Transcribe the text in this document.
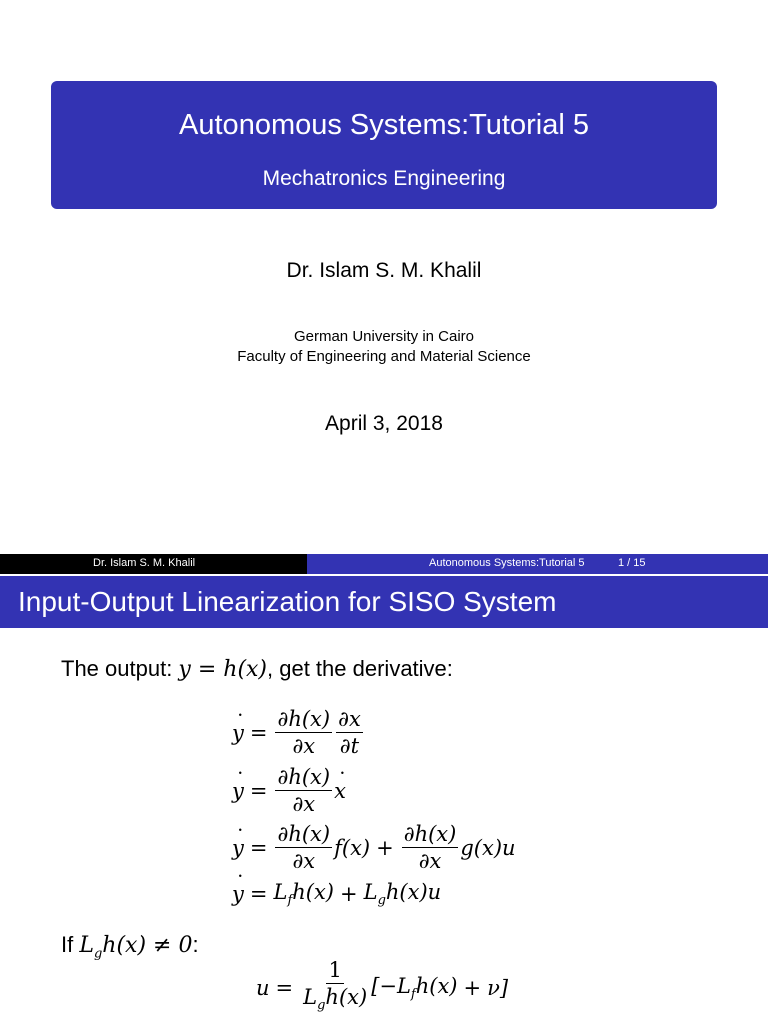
Autonomous Systems:Tutorial 5
Mechatronics Engineering
Dr. Islam S. M. Khalil
German University in Cairo
Faculty of Engineering and Material Science
April 3, 2018
Dr. Islam S. M. Khalil	Autonomous Systems:Tutorial 5	1 / 15
Input-Output Linearization for SISO System
The output: y = h(x), get the derivative:
˙ $y = \frac{\partial h(x)}{\partial x} \frac{\partial x}{\partial t}$
˙ $y = \frac{\partial h(x)}{\partial x}$
˙ x
˙ $y = \frac{\partial h(x)}{\partial x} f(x) + \frac{\partial h(x)}{\partial x} g(x)u$
˙ $y = L_fh(x) + L_gh(x)u$
If $L_gh(x) \ne 0$:
$u = \frac{1}{L_gh(x)} [-L_fh(x) + \nu]$
